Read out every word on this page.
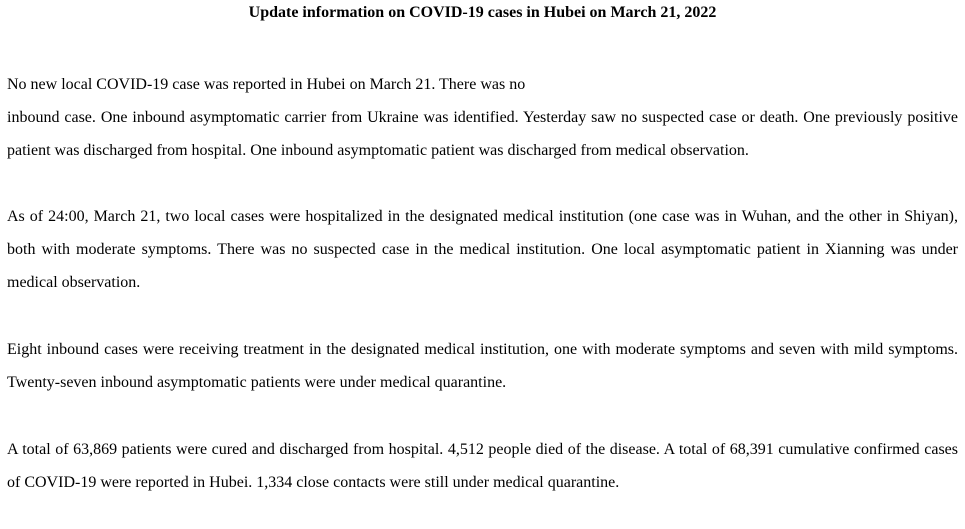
Update information on COVID-19 cases in Hubei on March 21, 2022

No new local COVID-19 case was reported in Hubei on March 21. There was no
inbound case. One inbound asymptomatic carrier from Ukraine was identified. Yesterday saw no suspected case or death. One previously positive patient was discharged from hospital. One inbound asymptomatic patient was discharged from medical observation.

As of 24:00, March 21, two local cases were hospitalized in the designated medical institution (one case was in Wuhan, and the other in Shiyan), both with moderate symptoms. There was no suspected case in the medical institution. One local asymptomatic patient in Xianning was under medical observation.

Eight inbound cases were receiving treatment in the designated medical institution, one with moderate symptoms and seven with mild symptoms. Twenty-seven inbound asymptomatic patients were under medical quarantine.

A total of 63,869 patients were cured and discharged from hospital. 4,512 people died of the disease. A total of 68,391 cumulative confirmed cases of COVID-19 were reported in Hubei. 1,334 close contacts were still under medical quarantine.
